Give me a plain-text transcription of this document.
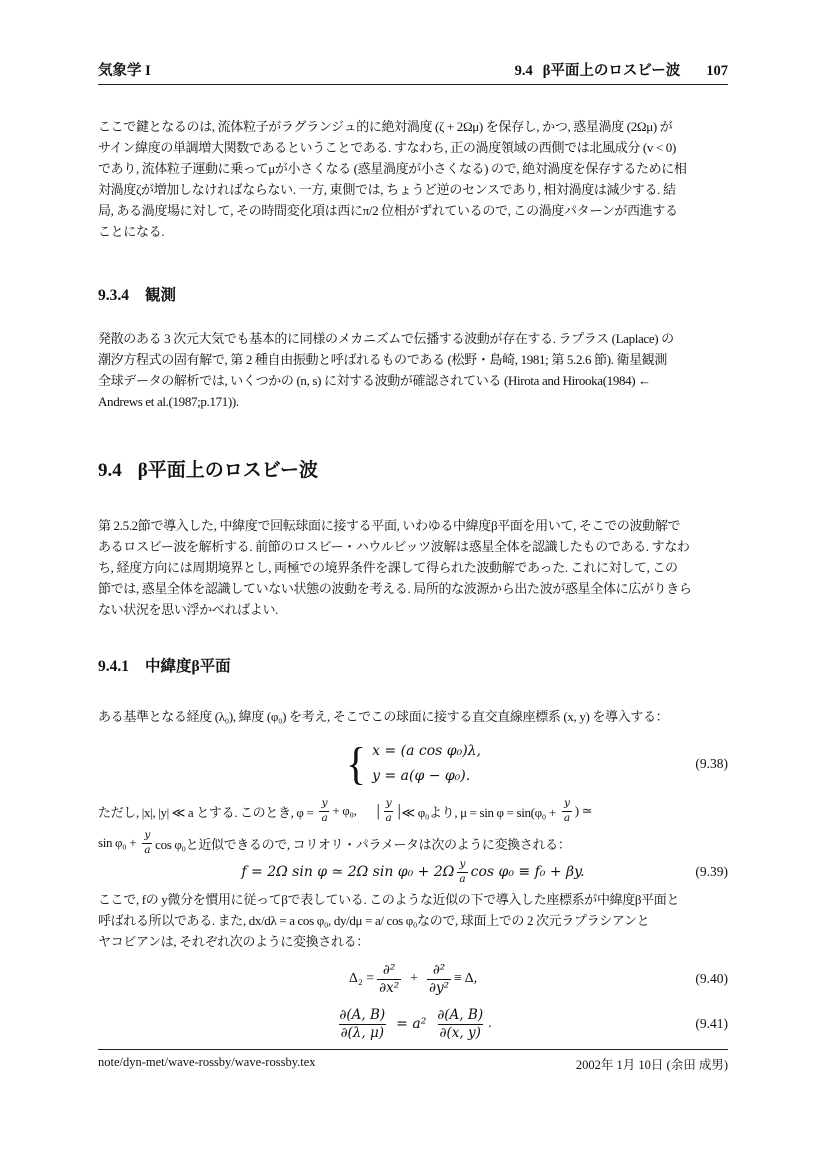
気象学 I	9.4 β平面上のロスビー波 107
ここで鍵となるのは, 流体粒子がラグランジュ的に絶対渦度 (ζ + 2Ωμ) を保存し, かつ, 惑星渦度 (2Ωμ) が
サイン緯度の単調増大関数であるということである. すなわち, 正の渦度領域の西側では北風成分 (v < 0)
であり, 流体粒子運動に乗ってμが小さくなる (惑星渦度が小さくなる) ので, 絶対渦度を保存するために相
対渦度ζが増加しなければならない. 一方, 東側では, ちょうど逆のセンスであり, 相対渦度は減少する. 結
局, ある渦度場に対して, その時間変化項は西にπ/2 位相がずれているので, この渦度パターンが西進する
ことになる.
9.3.4 観測
発散のある 3 次元大気でも基本的に同様のメカニズムで伝播する波動が存在する. ラプラス (Laplace) の
潮汐方程式の固有解で, 第 2 種自由振動と呼ばれるものである (松野・島崎, 1981; 第 5.2.6 節). 衛星観測
全球データの解析では, いくつかの (n, s) に対する波動が確認されている (Hirota and Hirooka(1984) ←
Andrews et al.(1987;p.171)).
9.4 β平面上のロスビー波
第 2.5.2節で導入した, 中緯度で回転球面に接する平面, いわゆる中緯度β平面を用いて, そこでの波動解で
あるロスビー波を解析する. 前節のロスビー・ハウルビッツ波解は惑星全体を認識したものである. すなわ
ち, 経度方向には周期境界とし, 両極での境界条件を課して得られた波動解であった. これに対して, この
節では, 惑星全体を認識していない状態の波動を考える. 局所的な波源から出た波が惑星全体に広がりきら
ない状況を思い浮かべればよい.
9.4.1 中緯度β平面
ある基準となる経度 (λ₀), 緯度 (φ₀) を考え, そこでこの球面に接する直交直線座標系 (x, y) を導入する：
{ x = (a cos φ₀)λ,
y = a(φ − φ₀).
(9.38)
ただし, |x|, |y| ≪ a とする. このとき, $\varphi = \frac{y}{a} + \varphi_0$, | $\frac{y}{a}$ | ≪ φ₀より, $\mu = \sin \varphi = \sin(\varphi_0 + \frac{y}{a}$ ) ≃
$\sin \varphi_0 + \frac{y}{a}$ cos φ₀と近似できるので, コリオリ・パラメータは次のように変換される：
f = 2Ω sin φ ≃ 2Ω $\sin \varphi_0 + 2\Omega \frac{y}{a}$ cos φ₀ ≡ f₀ + βy.	(9.39)
ここで, fの y微分を慣用に従ってβで表している. このような近似の下で導入した座標系が中緯度β平面と
呼ばれる所以である. また, dx/dλ = a cos φ₀, dy/dμ = a/ cos φ₀なので, 球面上での 2 次元ラプラシアンと
ヤコビアンは, それぞれ次のように変換される：
$\Delta_2 = \frac{\text{∂²}}{\text{∂x²}} + \frac{\text{∂²}}{\text{∂y²}} \equiv \Delta$,	(9.40)
$\frac{\partial(A, B)}{\partial(\lambda, \mu)} = a^2 \frac{\partial(A, B)}{\partial(x, y)}$ .	(9.41)
note/dyn-met/wave-rossby/wave-rossby.tex	2002年 1月 10日 (余田 成男)
